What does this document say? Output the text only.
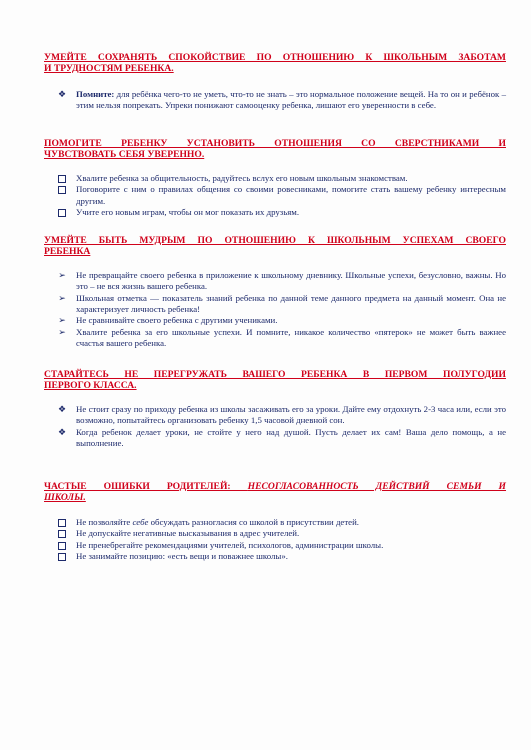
УМЕЙТЕ СОХРАНЯТЬ СПОКОЙСТВИЕ ПО ОТНОШЕНИЮ К ШКОЛЬНЫМ ЗАБОТАМ
И ТРУДНОСТЯМ РЕБЕНКА.

❖ Помните: для ребёнка чего-то не уметь, что-то не знать – это нормальное положение вещей. На то он и ребёнок – этим нельзя попрекать. Упреки понижают самооценку ребенка, лишают его уверенности в себе.

ПОМОГИТЕ РЕБЕНКУ УСТАНОВИТЬ ОТНОШЕНИЯ СО СВЕРСТНИКАМИ И
ЧУВСТВОВАТЬ СЕБЯ УВЕРЕННО.

Хвалите ребенка за общительность, радуйтесь вслух его новым школьным знакомствам.
Поговорите с ним о правилах общения со своими ровесниками, помогите стать вашему ребенку интересным другим.
Учите его новым играм, чтобы он мог показать их друзьям.

УМЕЙТЕ БЫТЬ МУДРЫМ ПО ОТНОШЕНИЮ К ШКОЛЬНЫМ УСПЕХАМ СВОЕГО
РЕБЕНКА

➢ Не превращайте своего ребенка в приложение к школьному дневнику. Школьные успехи, безусловно, важны. Но это – не вся жизнь вашего ребенка.
➢ Школьная отметка — показатель знаний ребенка по данной теме данного предмета на данный момент. Она не характеризует личность ребенка!
➢ Не сравнивайте своего ребенка с другими учениками.
➢ Хвалите ребенка за его школьные успехи. И помните, никакое количество «пятерок» не может быть важнее счастья вашего ребенка.

СТАРАЙТЕСЬ НЕ ПЕРЕГРУЖАТЬ ВАШЕГО РЕБЕНКА В ПЕРВОМ ПОЛУГОДИИ
ПЕРВОГО КЛАССА.

❖ Не стоит сразу по приходу ребенка из школы засаживать его за уроки. Дайте ему отдохнуть 2-3 часа или, если это возможно, попытайтесь организовать ребенку 1,5 часовой дневной сон.
❖ Когда ребенок делает уроки, не стойте у него над душой. Пусть делает их сам! Ваша дело помощь, а не выполнение.

ЧАСТЫЕ ОШИБКИ РОДИТЕЛЕЙ: НЕСОГЛАСОВАННОСТЬ ДЕЙСТВИЙ СЕМЬИ И
ШКОЛЫ.

Не позволяйте себе обсуждать разногласия со школой в присутствии детей.
Не допускайте негативные высказывания в адрес учителей.
Не пренебрегайте рекомендациями учителей, психологов, администрации школы.
Не занимайте позицию: «есть вещи и поважнее школы».
